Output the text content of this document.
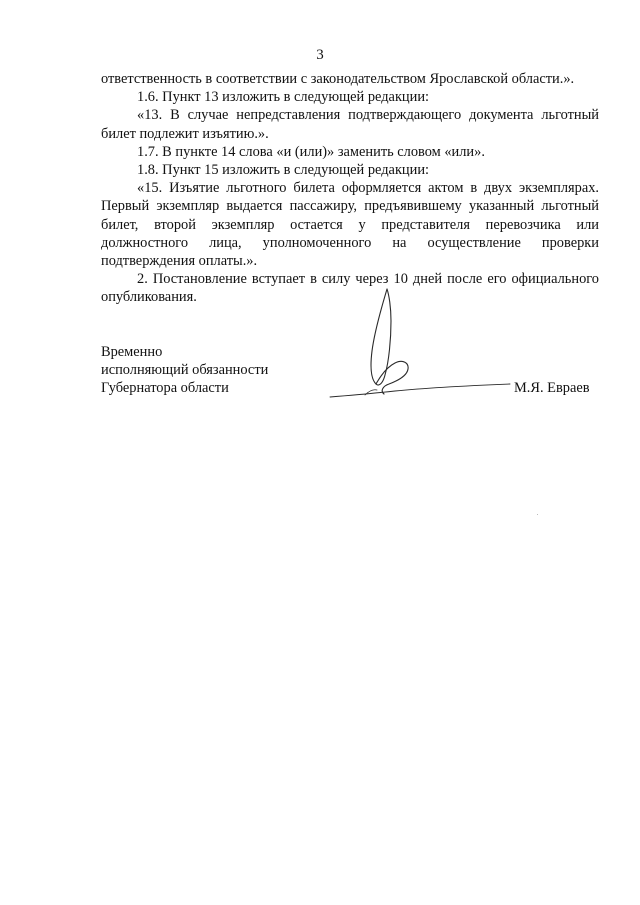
3

ответственность в соответствии с законодательством Ярославской области.».

1.6. Пункт 13 изложить в следующей редакции:

«13. В случае непредставления подтверждающего документа льготный билет подлежит изъятию.».

1.7. В пункте 14 слова «и (или)» заменить словом «или».

1.8. Пункт 15 изложить в следующей редакции:

«15. Изъятие льготного билета оформляется актом в двух экземплярах. Первый экземпляр выдается пассажиру, предъявившему указанный льготный билет, второй экземпляр остается у представителя перевозчика или должностного лица, уполномоченного на осуществление проверки подтверждения оплаты.».

2. Постановление вступает в силу через 10 дней после его официального опубликования.

Временно
исполняющий обязанности
Губернатора области	М.Я. Евраев
